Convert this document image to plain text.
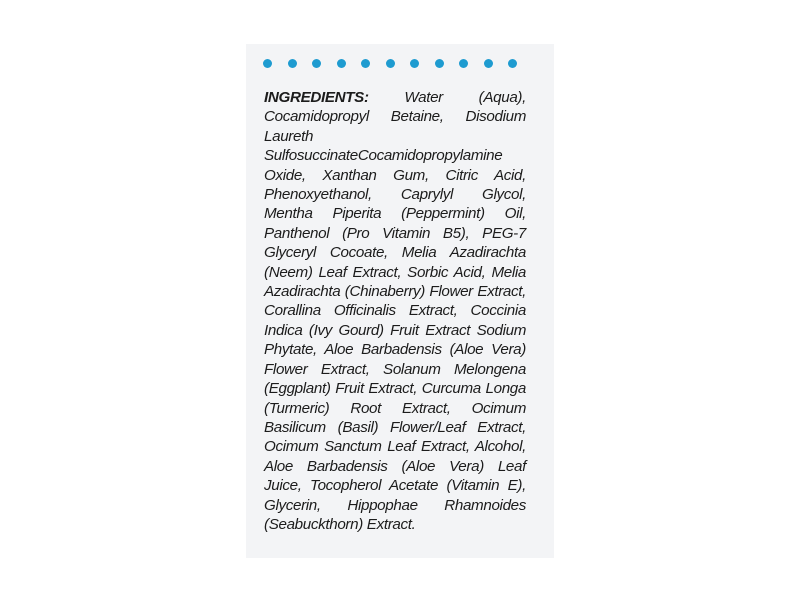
INGREDIENTS: Water (Aqua), Cocamidopropyl Betaine, Disodium Laureth SulfosuccinateCocamidopropylamine Oxide, Xanthan Gum, Citric Acid, Phenoxyethanol, Caprylyl Glycol, Mentha Piperita (Peppermint) Oil, Panthenol (Pro Vitamin B5), PEG-7 Glyceryl Cocoate, Melia Azadirachta (Neem) Leaf Extract, Sorbic Acid, Melia Azadirachta (Chinaberry) Flower Extract, Corallina Officinalis Extract, Coccinia Indica (Ivy Gourd) Fruit Extract Sodium Phytate, Aloe Barbadensis (Aloe Vera) Flower Extract, Solanum Melongena (Eggplant) Fruit Extract, Curcuma Longa (Turmeric) Root Extract, Ocimum Basilicum (Basil) Flower/Leaf Extract, Ocimum Sanctum Leaf Extract, Alcohol, Aloe Barbadensis (Aloe Vera) Leaf Juice, Tocopherol Acetate (Vitamin E), Glycerin, Hippophae Rhamnoides (Seabuckthorn) Extract.
